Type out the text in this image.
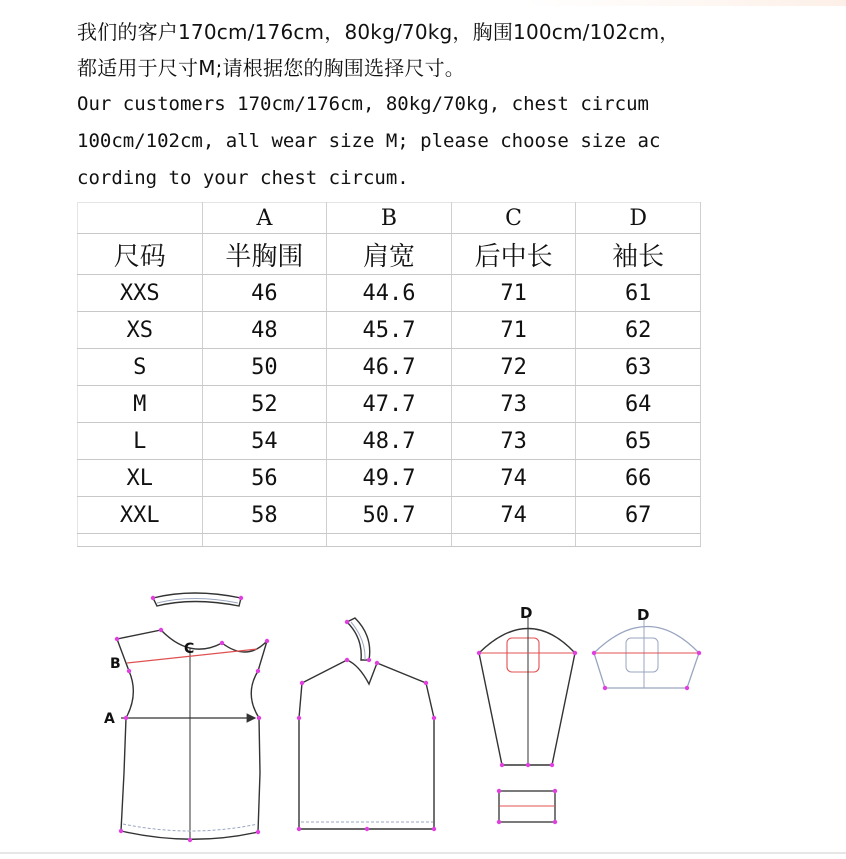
我们的客户170cm/176cm，80kg/70kg，胸围100cm/102cm，
都适用于尺寸M;请根据您的胸围选择尺寸。
Our customers 170cm/176cm, 80kg/70kg, chest circum
100cm/102cm, all wear size M; please choose size ac
cording to your chest circum.
	A	B	C	D
尺码	半胸围	肩宽	后中长	袖长
XXS	46	44.6	71	61
XS	48	45.7	71	62
S	50	46.7	72	63
M	52	47.7	73	64
L	54	48.7	73	65
XL	56	49.7	74	66
XXL	58	50.7	74	67

B
C
A
D	D
